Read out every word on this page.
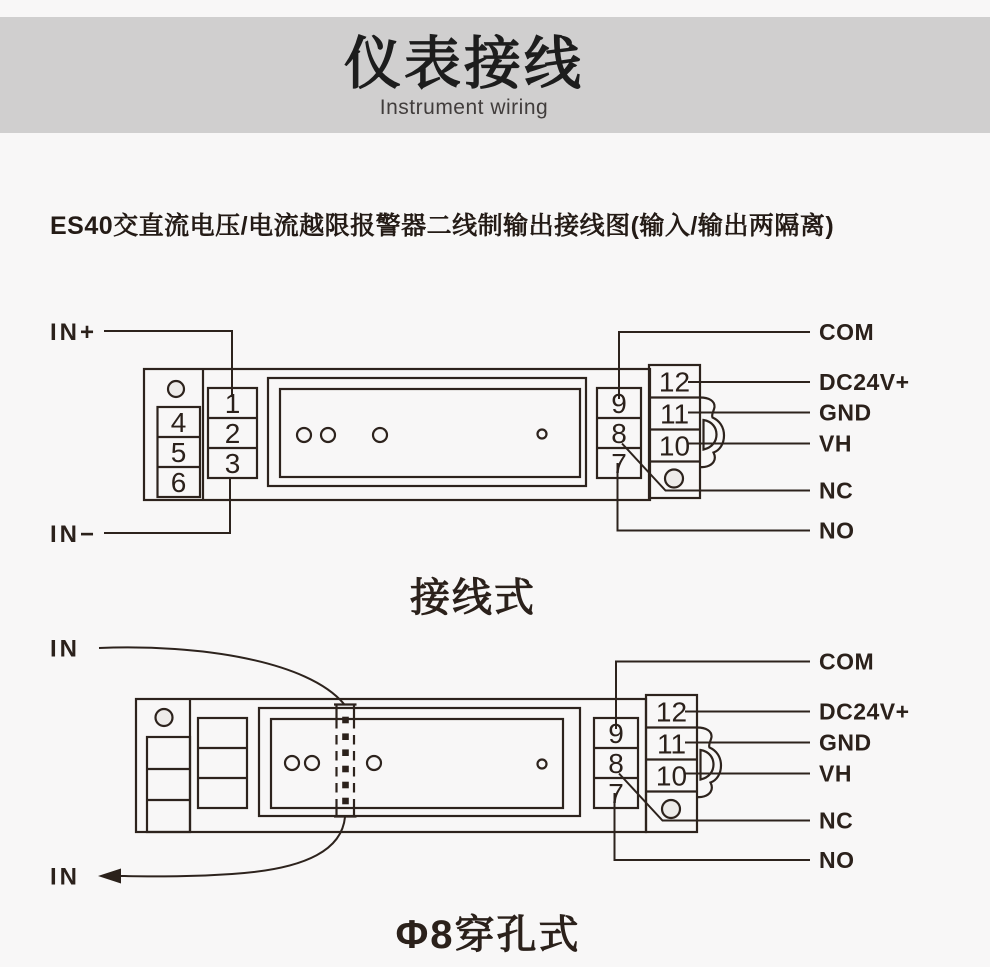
仪表接线
Instrument wiring
ES40交直流电压/电流越限报警器二线制输出接线图(输入/输出两隔离)
接线式
Φ8穿孔式
IN+
IN−
4
5
6
1
2
3
9
8
7
12
11
10
COM
DC24V+
GND
VH
NC
NO
IN
IN
9
8
7
12
11
10
COM
DC24V+
GND
VH
NC
NO
